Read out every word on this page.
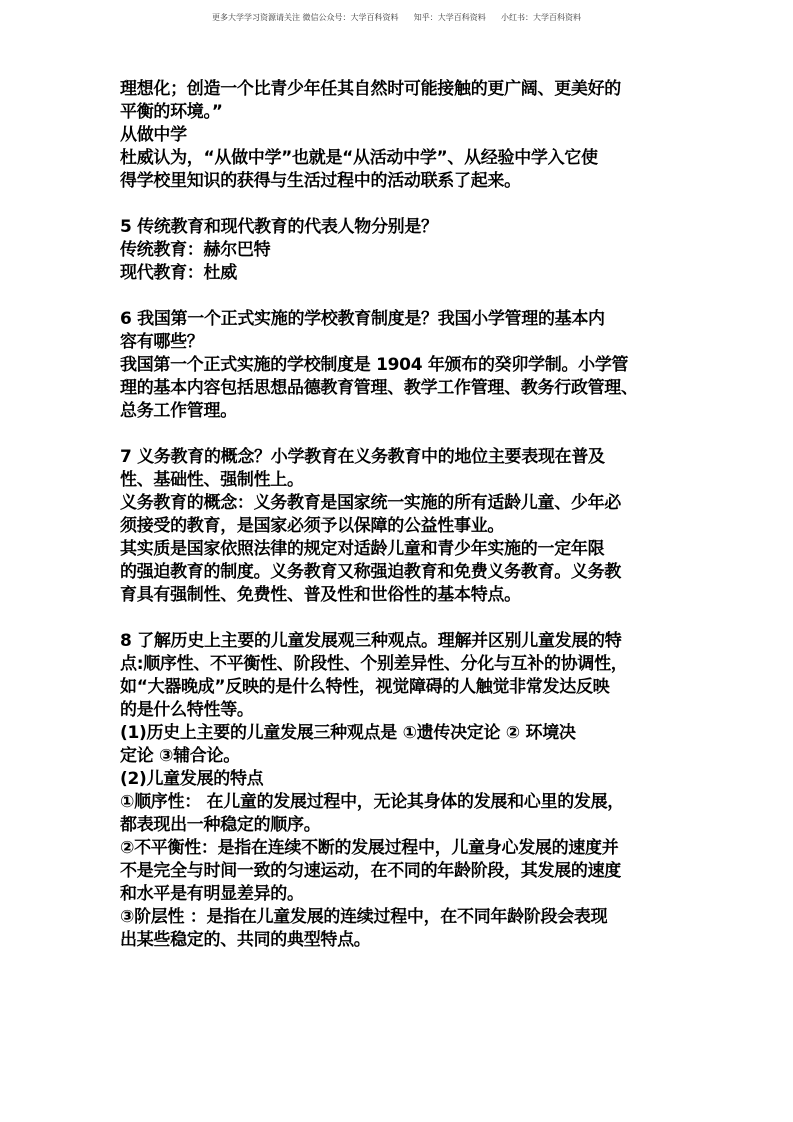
更多大学学习资源请关注 微信公众号：大学百科资料      知乎：大学百科资料      小红书：大学百科资料
理想化；创造一个比青少年任其自然时可能接触的更广阔、更美好的
平衡的环境。”
从做中学
杜威认为，“从做中学”也就是“从活动中学”、从经验中学入它使
得学校里知识的获得与生活过程中的活动联系了起来。
5 传统教育和现代教育的代表人物分别是？
传统教育：赫尔巴特
现代教育：杜威
6 我国第一个正式实施的学校教育制度是？我国小学管理的基本内
容有哪些？
我国第一个正式实施的学校制度是 1904 年颁布的癸卯学制。小学管
理的基本内容包括思想品德教育管理、教学工作管理、教务行政管理、
总务工作管理。
7 义务教育的概念？小学教育在义务教育中的地位主要表现在普及
性、基础性、强制性上。
义务教育的概念：义务教育是国家统一实施的所有适龄儿童、少年必
须接受的教育，是国家必须予以保障的公益性事业。
其实质是国家依照法律的规定对适龄儿童和青少年实施的一定年限
的强迫教育的制度。义务教育又称强迫教育和免费义务教育。义务教
育具有强制性、免费性、普及性和世俗性的基本特点。
8 了解历史上主要的儿童发展观三种观点。理解并区别儿童发展的特
点:顺序性、不平衡性、阶段性、个别差异性、分化与互补的协调性，
如“大器晚成”反映的是什么特性，视觉障碍的人触觉非常发达反映
的是什么特性等。
(1)历史上主要的儿童发展三种观点是 ①遗传决定论 ② 环境决
定论 ③辅合论。
(2)儿童发展的特点
①顺序性： 在儿童的发展过程中，无论其身体的发展和心里的发展，
都表现出一种稳定的顺序。
②不平衡性：是指在连续不断的发展过程中，儿童身心发展的速度并
不是完全与时间一致的匀速运动，在不同的年龄阶段，其发展的速度
和水平是有明显差异的。
③阶层性 ：是指在儿童发展的连续过程中，在不同年龄阶段会表现
出某些稳定的、共同的典型特点。
